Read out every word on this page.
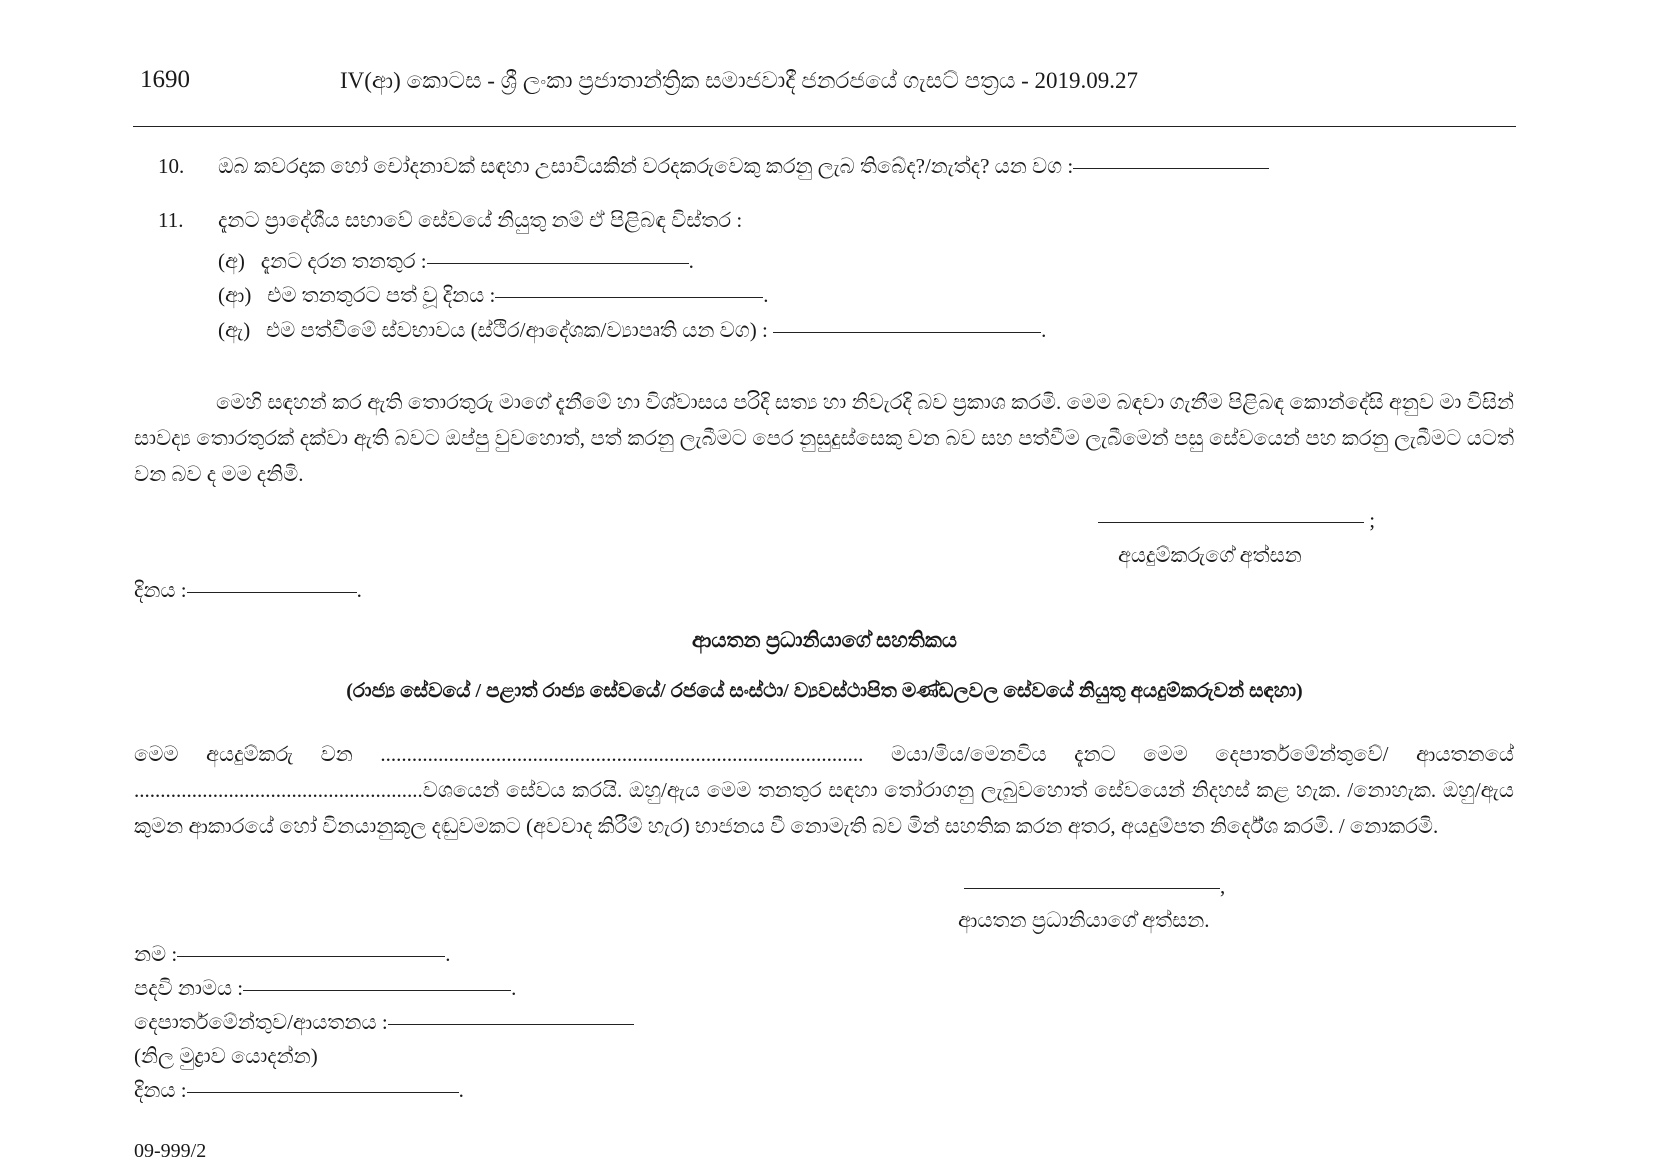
1690	IV(ආ) කොටස - ශ්‍රී ලංකා ප්‍රජාතාන්ත්‍රික සමාජවාදී ජනරජයේ ගැසට් පත්‍රය - 2019.09.27
10. ඔබ කවරදාක හෝ චෝදනාවක් සඳහා උසාවියකින් වරදකරුවෙකු කරනු ලැබ තිබේද?/නැත්ද? යන වග :
11. දැනට ප්‍රාදේශීය සභාවේ සේවයේ නියුතු නම් ඒ පිළිබඳ විස්තර :
(අ) දැනට දරන තනතුර :	.
(ආ) එම තනතුරට පත් වූ දිනය :	.
(ඇ) එම පත්වීමේ ස්වභාවය (ස්ථිර/ආදේශක/ව්‍යාපෘති යන වග) :	.
මෙහි සඳහන් කර ඇති තොරතුරු මාගේ දැනීමේ හා විශ්වාසය පරිදි සත්‍ය හා නිවැරදි බව ප්‍රකාශ කරමි. මෙම බඳවා ගැනීම පිළිබඳ කොන්දේසි අනුව මා විසින් සාවද්‍ය තොරතුරක් දක්වා ඇති බවට ඔප්පු වුවහොත්, පත් කරනු ලැබීමට පෙර නුසුදුස්සෙකු වන බව සහ පත්වීම ලැබීමෙන් පසු සේවයෙන් පහ කරනු ලැබීමට යටත් වන බව ද මම දනිමි.
;
අයදුම්කරුගේ අත්සන
දිනය :	.
ආයතන ප්‍රධානියාගේ සහතිකය
(රාජ්‍ය සේවයේ / පළාත් රාජ්‍ය සේවයේ/ රජයේ සංස්ථා/ ව්‍යවස්ථාපිත මණ්ඩලවල සේවයේ නියුතු අයදුම්කරුවන් සඳහා)
මෙම අයදුම්කරු වන ............................................................................................ මයා/මිය/මෙනවිය දැනට මෙම දෙපාර්තමේන්තුවේ/ ආයතනයේ .......................................................වශයෙන් සේවය කරයි. ඔහු/ඇය මෙම තනතුර සඳහා තෝරාගනු ලැබුවහොත් සේවයෙන් නිදහස් කළ හැක. /නොහැක. ඔහු/ඇය කුමන ආකාරයේ හෝ විනයානුකූල දඬුවමකට (අවවාද කිරීම් හැර) භාජනය වී නොමැති බව මින් සහතික කරන අතර, අයදුම්පත නිර්දේශ කරමි. / නොකරමි.
,
ආයතන ප්‍රධානියාගේ අත්සන.
නම :	.
පදවි නාමය :	.
දෙපාර්තමේන්තුව/ආයතනය :
(නිල මුද්‍රාව යොදන්න)
දිනය :	.
09-999/2
